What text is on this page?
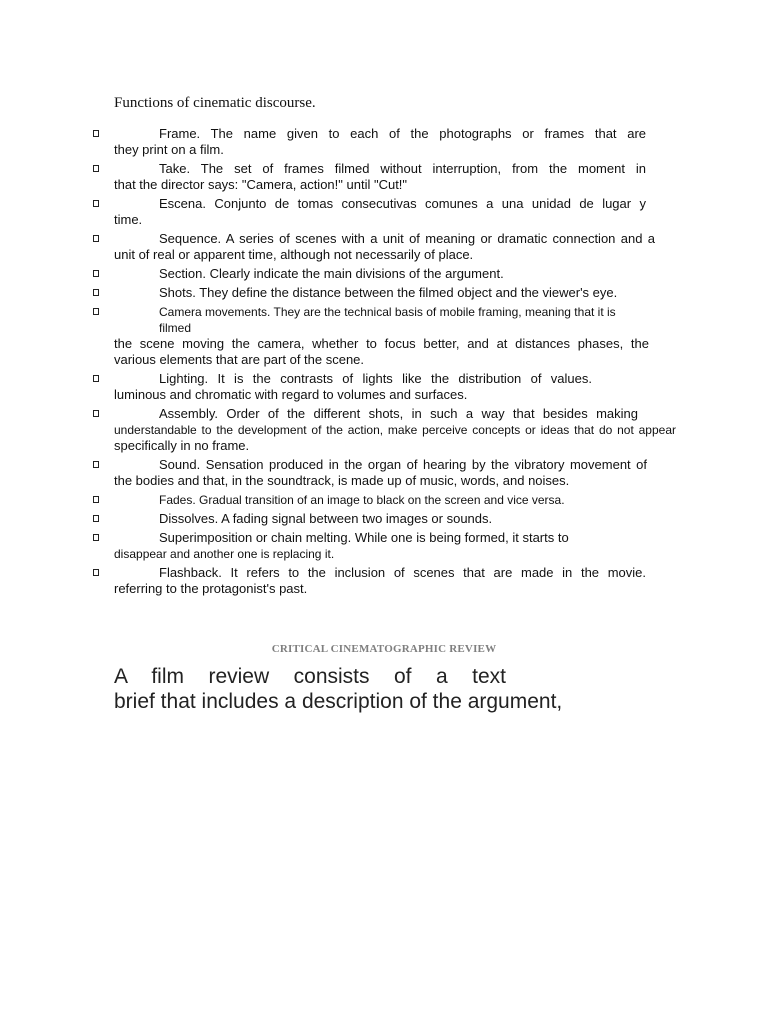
Functions of cinematic discourse.
Frame. The name given to each of the photographs or frames that are
they print on a film.
Take. The set of frames filmed without interruption, from the moment in
that the director says: "Camera, action!" until "Cut!"
Escena. Conjunto de tomas consecutivas comunes a una unidad de lugar y
time.
Sequence. A series of scenes with a unit of meaning or dramatic connection and a
unit of real or apparent time, although not necessarily of place.
Section. Clearly indicate the main divisions of the argument.
Shots. They define the distance between the filmed object and the viewer's eye.
Camera movements. They are the technical basis of mobile framing, meaning that it is filmed
the scene moving the camera, whether to focus better, and at distances phases, the
various elements that are part of the scene.
Lighting. It is the contrasts of lights like the distribution of values.
luminous and chromatic with regard to volumes and surfaces.
Assembly. Order of the different shots, in such a way that besides making
understandable to the development of the action, make perceive concepts or ideas that do not appear
specifically in no frame.
Sound. Sensation produced in the organ of hearing by the vibratory movement of
the bodies and that, in the soundtrack, is made up of music, words, and noises.
Fades. Gradual transition of an image to black on the screen and vice versa.
Dissolves. A fading signal between two images or sounds.
Superimposition or chain melting. While one is being formed, it starts to
disappear and another one is replacing it.
Flashback. It refers to the inclusion of scenes that are made in the movie.
referring to the protagonist's past.
CRITICAL CINEMATOGRAPHIC REVIEW
A film review consists of a text
brief that includes a description of the argument,
